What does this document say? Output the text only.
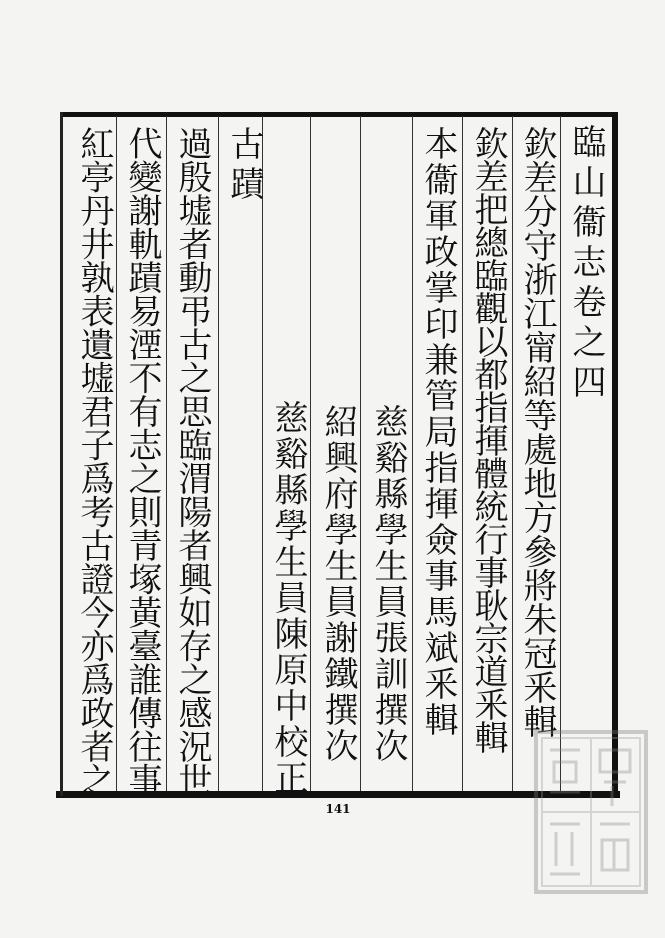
臨山衞志卷之四
欽差分守浙江甯紹等處地方參將朱冠釆輯
欽差把總臨觀以都指揮體統行事耿宗道釆輯
本衞軍政掌印兼管局指揮僉事馬斌釆輯
慈谿縣學生員張訓撰次
紹興府學生員謝鐵撰次
慈谿縣學生員陳原中校正
古蹟
過殷墟者動弔古之思臨渭陽者興如存之感況世
代變謝軌蹟易湮不有志之則青塚黃臺誰傳往事
紅亭丹井孰表遺墟君子爲考古證今亦爲政者之
141
